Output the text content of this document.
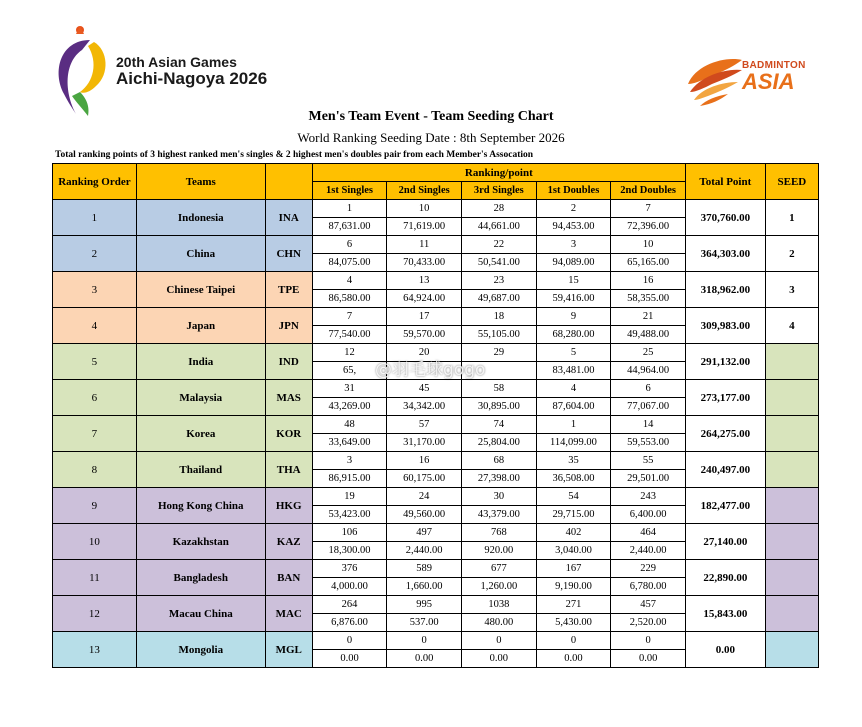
20th Asian Games
Aichi-Nagoya 2026
BADMINTON
ASIA
Men's Team Event - Team Seeding Chart
World Ranking Seeding Date : 8th September 2026
Total ranking points of 3 highest ranked men's singles & 2 highest men's doubles pair from each Member's Assocation
Ranking Order	Teams		Ranking/point					Total Point	SEED
			1st Singles	2nd Singles	3rd Singles	1st Doubles	2nd Doubles		
1	Indonesia	INA	1	10	28	2	7	370,760.00	1
			87,631.00	71,619.00	44,661.00	94,453.00	72,396.00		
2	China	CHN	6	11	22	3	10	364,303.00	2
			84,075.00	70,433.00	50,541.00	94,089.00	65,165.00		
3	Chinese Taipei	TPE	4	13	23	15	16	318,962.00	3
			86,580.00	64,924.00	49,687.00	59,416.00	58,355.00		
4	Japan	JPN	7	17	18	9	21	309,983.00	4
			77,540.00	59,570.00	55,105.00	68,280.00	49,488.00		
5	India	IND	12	20	29	5	25	291,132.00	
			65,			83,481.00	44,964.00		
6	Malaysia	MAS	31	45	58	4	6	273,177.00	
			43,269.00	34,342.00	30,895.00	87,604.00	77,067.00		
7	Korea	KOR	48	57	74	1	14	264,275.00	
			33,649.00	31,170.00	25,804.00	114,099.00	59,553.00		
8	Thailand	THA	3	16	68	35	55	240,497.00	
			86,915.00	60,175.00	27,398.00	36,508.00	29,501.00		
9	Hong Kong China	HKG	19	24	30	54	243	182,477.00	
			53,423.00	49,560.00	43,379.00	29,715.00	6,400.00		
10	Kazakhstan	KAZ	106	497	768	402	464	27,140.00	
			18,300.00	2,440.00	920.00	3,040.00	2,440.00		
11	Bangladesh	BAN	376	589	677	167	229	22,890.00	
			4,000.00	1,660.00	1,260.00	9,190.00	6,780.00		
12	Macau China	MAC	264	995	1038	271	457	15,843.00	
			6,876.00	537.00	480.00	5,430.00	2,520.00		
13	Mongolia	MGL	0	0	0	0	0	0.00	
			0.00	0.00	0.00	0.00	0.00		
@羽毛球gogo
